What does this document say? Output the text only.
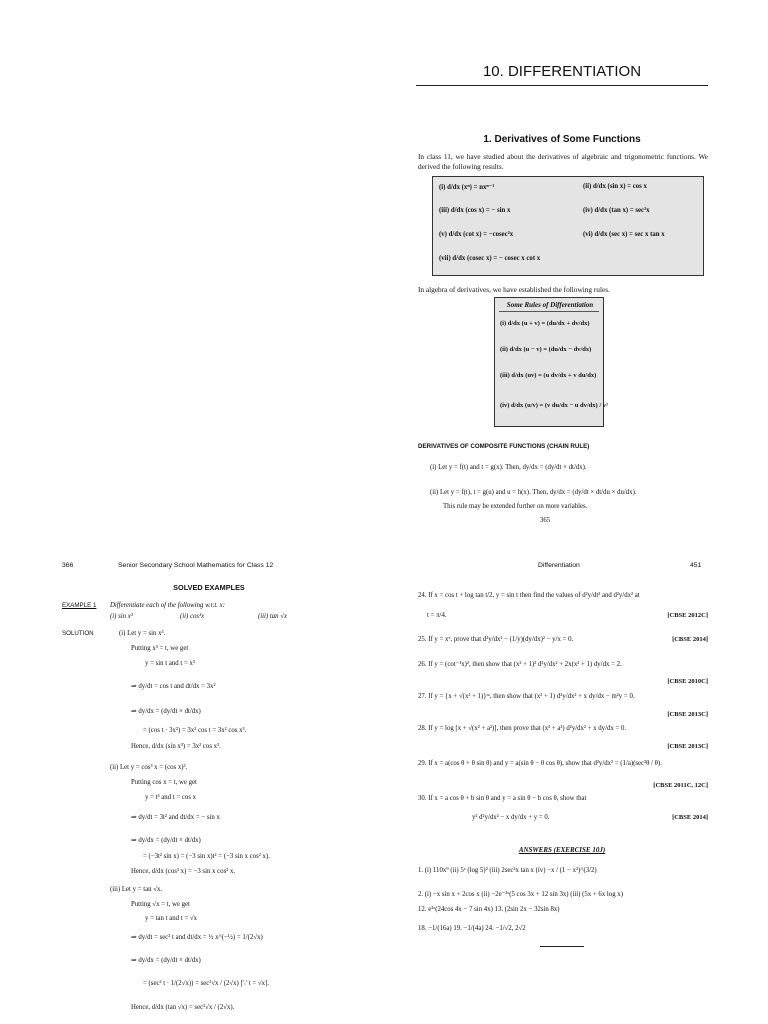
10. DIFFERENTIATION
1. Derivatives of Some Functions
In class 11, we have studied about the derivatives of algebraic and trigonometric functions. We derived the following results.
(i) d/dx (xⁿ) = nxⁿ⁻¹	(ii) d/dx (sin x) = cos x
(iii) d/dx (cos x) = − sin x	(iv) d/dx (tan x) = sec²x
(v) d/dx (cot x) = −cosec²x	(vi) d/dx (sec x) = sec x tan x
(vii) d/dx (cosec x) = − cosec x cot x
In algebra of derivatives, we have established the following rules.
Some Rules of Differentiation
(i) d/dx (u + v) = (du/dx + dv/dx)
(ii) d/dx (u − v) = (du/dx − dv/dx)
(iii) d/dx (uv) = (u dv/dx + v du/dx)
(iv) d/dx (u/v) = (v du/dx − u dv/dx) / v²
DERIVATIVES OF COMPOSITE FUNCTIONS (CHAIN RULE)
(i) Let y = f(t) and t = g(x). Then, dy/dx = (dy/dt × dt/dx).
(ii) Let y = f(t), t = g(u) and u = h(x). Then, dy/dx = (dy/dt × dt/du × du/dx).
This rule may be extended further on more variables.
365
366	Senior Secondary School Mathematics for Class 12
SOLVED EXAMPLES
EXAMPLE 1 Differentiate each of the following w.r.t. x:
(i) sin x³	(ii) cos³x	(iii) tan √x
SOLUTION	(i) Let y = sin x³.
Putting x³ = t, we get
y = sin t and t = x³
⇒ dy/dt = cos t and dt/dx = 3x²
⇒ dy/dx = (dy/dt × dt/dx)
= (cos t · 3x²) = 3x² cos t = 3x² cos x³.
Hence, d/dx (sin x³) = 3x² cos x³.
(ii) Let y = cos³ x = (cos x)³.
Putting cos x = t, we get
y = t³ and t = cos x
⇒ dy/dt = 3t² and dt/dx = − sin x
⇒ dy/dx = (dy/dt × dt/dx)
= (−3t² sin x) = (−3 sin x)t² = (−3 sin x cos² x).
Hence, d/dx (cos³ x) = −3 sin x cos² x.
(iii) Let y = tan √x.
Putting √x = t, we get
y = tan t and t = √x
⇒ dy/dt = sec² t and dt/dx = ½ x^(−½) = 1/(2√x)
⇒ dy/dx = (dy/dt × dt/dx)
= (sec² t · 1/(2√x)) = sec²√x / (2√x) [∵ t = √x].
Hence, d/dx (tan √x) = sec²√x / (2√x).
Differentiation	451
24. If x = cos t + log tan t/2, y = sin t then find the values of d²y/dt² and d²y/dx² at
t = π/4.	[CBSE 2012C]
25. If y = xˣ, prove that d²y/dx² − (1/y)(dy/dx)² − y/x = 0.	[CBSE 2014]
26. If y = (cot⁻¹x)², then show that (x² + 1)² d²y/dx² + 2x(x² + 1) dy/dx = 2.
[CBSE 2010C]
27. If y = {x + √(x² + 1)}ᵐ, then show that (x² + 1) d²y/dx² + x dy/dx − m²y = 0.
[CBSE 2013C]
28. If y = log [x + √(x² + a²)], then prove that (x² + a²) d²y/dx² + x dy/dx = 0.
[CBSE 2013C]
29. If x = a(cos θ + θ sin θ) and y = a(sin θ − θ cos θ), show that d²y/dx² = (1/a)(sec³θ / θ).
[CBSE 2011C, 12C]
30. If x = a cos θ + b sin θ and y = a sin θ − b cos θ, show that
y² d²y/dx² − x dy/dx + y = 0.	[CBSE 2014]
ANSWERS (EXERCISE 10J)
1. (i) 110x⁹ (ii) 5ˣ (log 5)² (iii) 2sec²x tan x (iv) −x / (1 − x²)^(3/2)
2. (i) −x sin x + 2cos x (ii) −2e⁻²ˣ(5 cos 3x + 12 sin 3x) (iii) (5x + 6x log x)
12. e³ˣ(24cos 4x − 7 sin 4x) 13. (2sin 2x − 32sin 8x)
18. −1/(16a) 19. −1/(4a) 24. −1/√2, 2√2
